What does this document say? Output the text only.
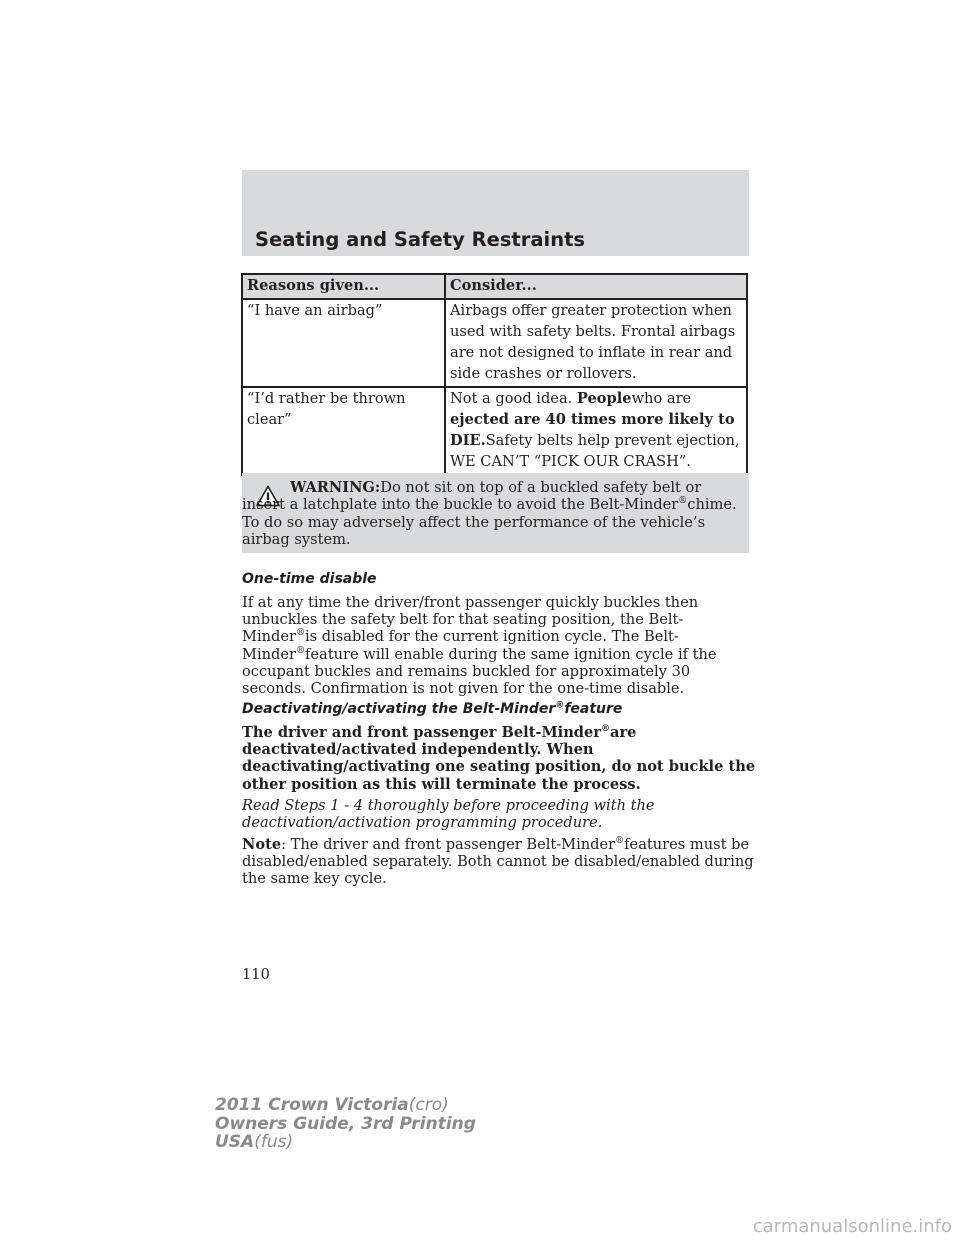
Seating and Safety Restraints
Reasons given...	Consider...
“I have an airbag”	Airbags offer greater protection when used with safety belts. Frontal airbags are not designed to inflate in rear and side crashes or rollovers.
“I’d rather be thrown clear”	Not a good idea. Peoplewho are ejected are 40 times more likely to DIE.Safety belts help prevent ejection, WE CAN’T “PICK OUR CRASH”.
WARNING:Do not sit on top of a buckled safety belt or insert a latchplate into the buckle to avoid the Belt-Minder®chime. To do so may adversely affect the performance of the vehicle’s airbag system.
One-time disable
If at any time the driver/front passenger quickly buckles then unbuckles the safety belt for that seating position, the Belt-Minder®is disabled for the current ignition cycle. The Belt-Minder®feature will enable during the same ignition cycle if the occupant buckles and remains buckled for approximately 30 seconds. Confirmation is not given for the one-time disable.
Deactivating/activating the Belt-Minder®feature
The driver and front passenger Belt-Minder®are deactivated/activated independently. When deactivating/activating one seating position, do not buckle the other position as this will terminate the process.
Read Steps 1 - 4 thoroughly before proceeding with the deactivation/activation programming procedure.
Note: The driver and front passenger Belt-Minder®features must be disabled/enabled separately. Both cannot be disabled/enabled during the same key cycle.
110
2011 Crown Victoria(cro)
Owners Guide, 3rd Printing
USA(fus)
carmanualsonline.info
